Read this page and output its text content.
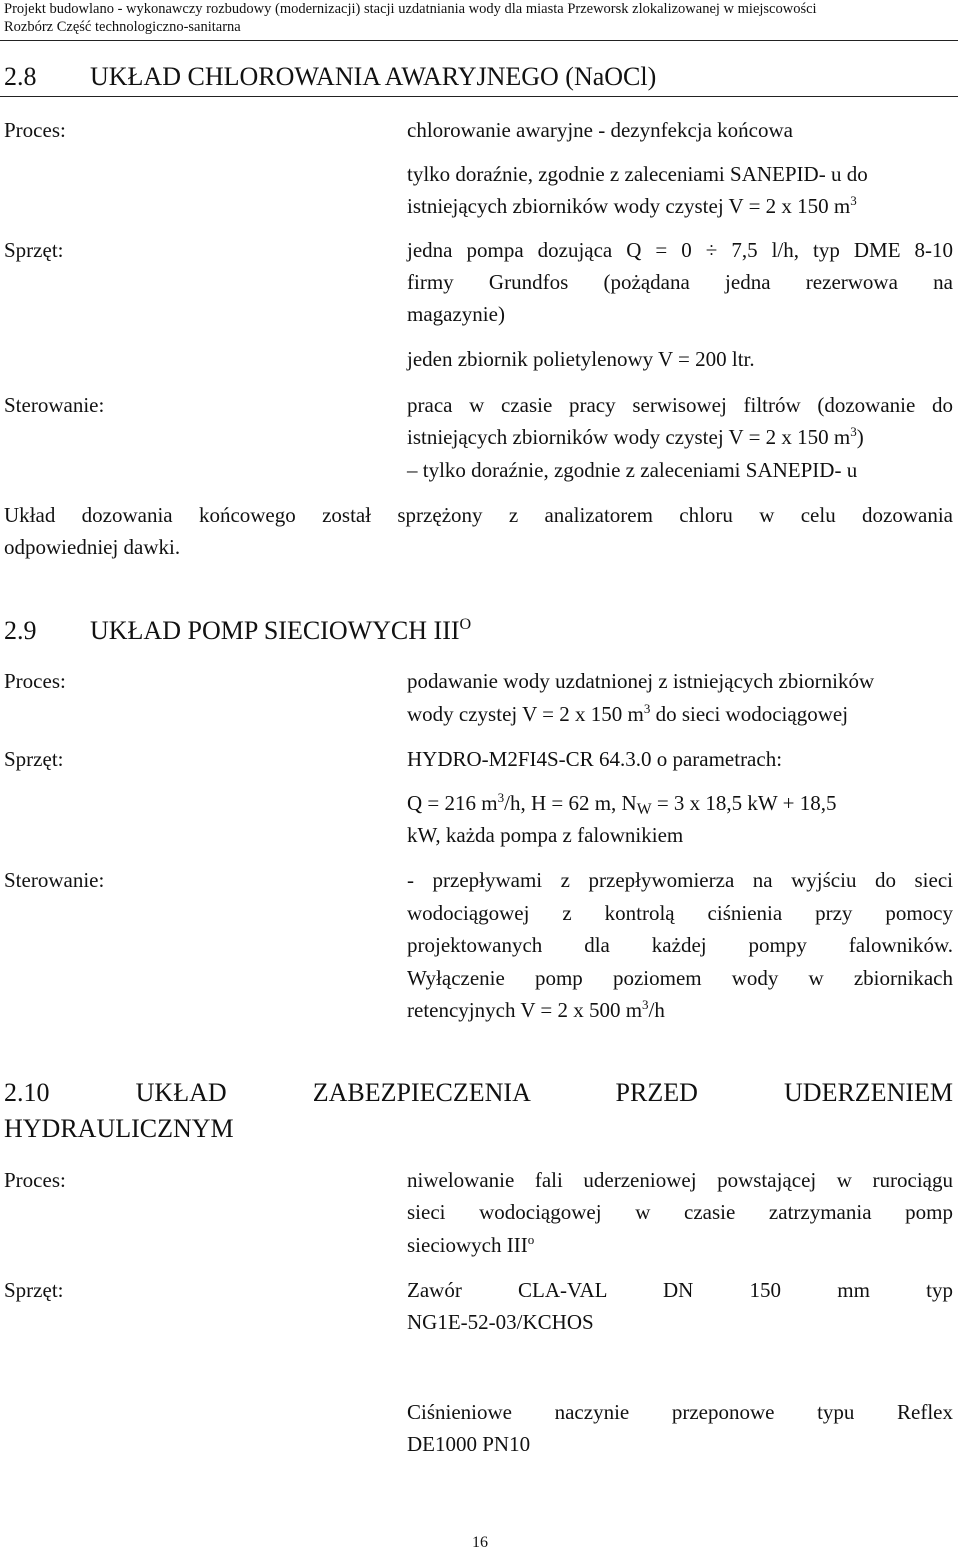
Projekt budowlano - wykonawczy rozbudowy (modernizacji) stacji uzdatniania wody dla miasta Przeworsk zlokalizowanej w miejscowości
Rozbórz Część technologiczno-sanitarna
2.8 UKŁAD CHLOROWANIA AWARYJNEGO (NaOCl)
Proces:	chlorowanie awaryjne - dezynfekcja końcowa
tylko doraźnie, zgodnie z zaleceniami SANEPID- u do
istniejących zbiorników wody czystej V = 2 x 150 $m^3$
Sprzęt:	jedna pompa dozująca Q = 0 ÷ 7,5 l/h, typ DME 8-10
firmy Grundfos (pożądana jedna rezerwowa na
magazynie)
jeden zbiornik polietylenowy V = 200 ltr.
Sterowanie:	praca w czasie pracy serwisowej filtrów (dozowanie do
istniejących zbiorników wody czystej V = 2 x 150 $m^3$)
– tylko doraźnie, zgodnie z zaleceniami SANEPID- u
Układ dozowania końcowego został sprzężony z analizatorem chloru w celu dozowania
odpowiedniej dawki.
2.9 UKŁAD POMP SIECIOWYCH $III^O$
Proces:	podawanie wody uzdatnionej z istniejących zbiorników
wody czystej V = 2 x 150 $m^3$ do sieci wodociągowej
Sprzęt:	HYDRO-M2FI4S-CR 64.3.0 o parametrach:
Q = 216 $m^3/h$, H = 62 m, $N_W = 3$ x 18,5 kW + 18,5
kW, każda pompa z falownikiem
Sterowanie:	- przepływami z przepływomierza na wyjściu do sieci
wodociągowej z kontrolą ciśnienia przy pomocy
projektowanych dla każdej pompy falowników.
Wyłączenie pomp poziomem wody w zbiornikach
retencyjnych V = 2 x 500 $m^3/h$
2.10	UKŁAD ZABEZPIECZENIA PRZED UDERZENIEM
HYDRAULICZNYM
Proces:	niwelowanie fali uderzeniowej powstającej w rurociągu
sieci wodociągowej w czasie zatrzymania pomp
sieciowych III$^o$
Sprzęt:	Zawór CLA-VAL DN 150 mm typ
NG1E-52-03/KCHOS
Ciśnieniowe naczynie przeponowe typu Reflex
DE1000 PN10
16
